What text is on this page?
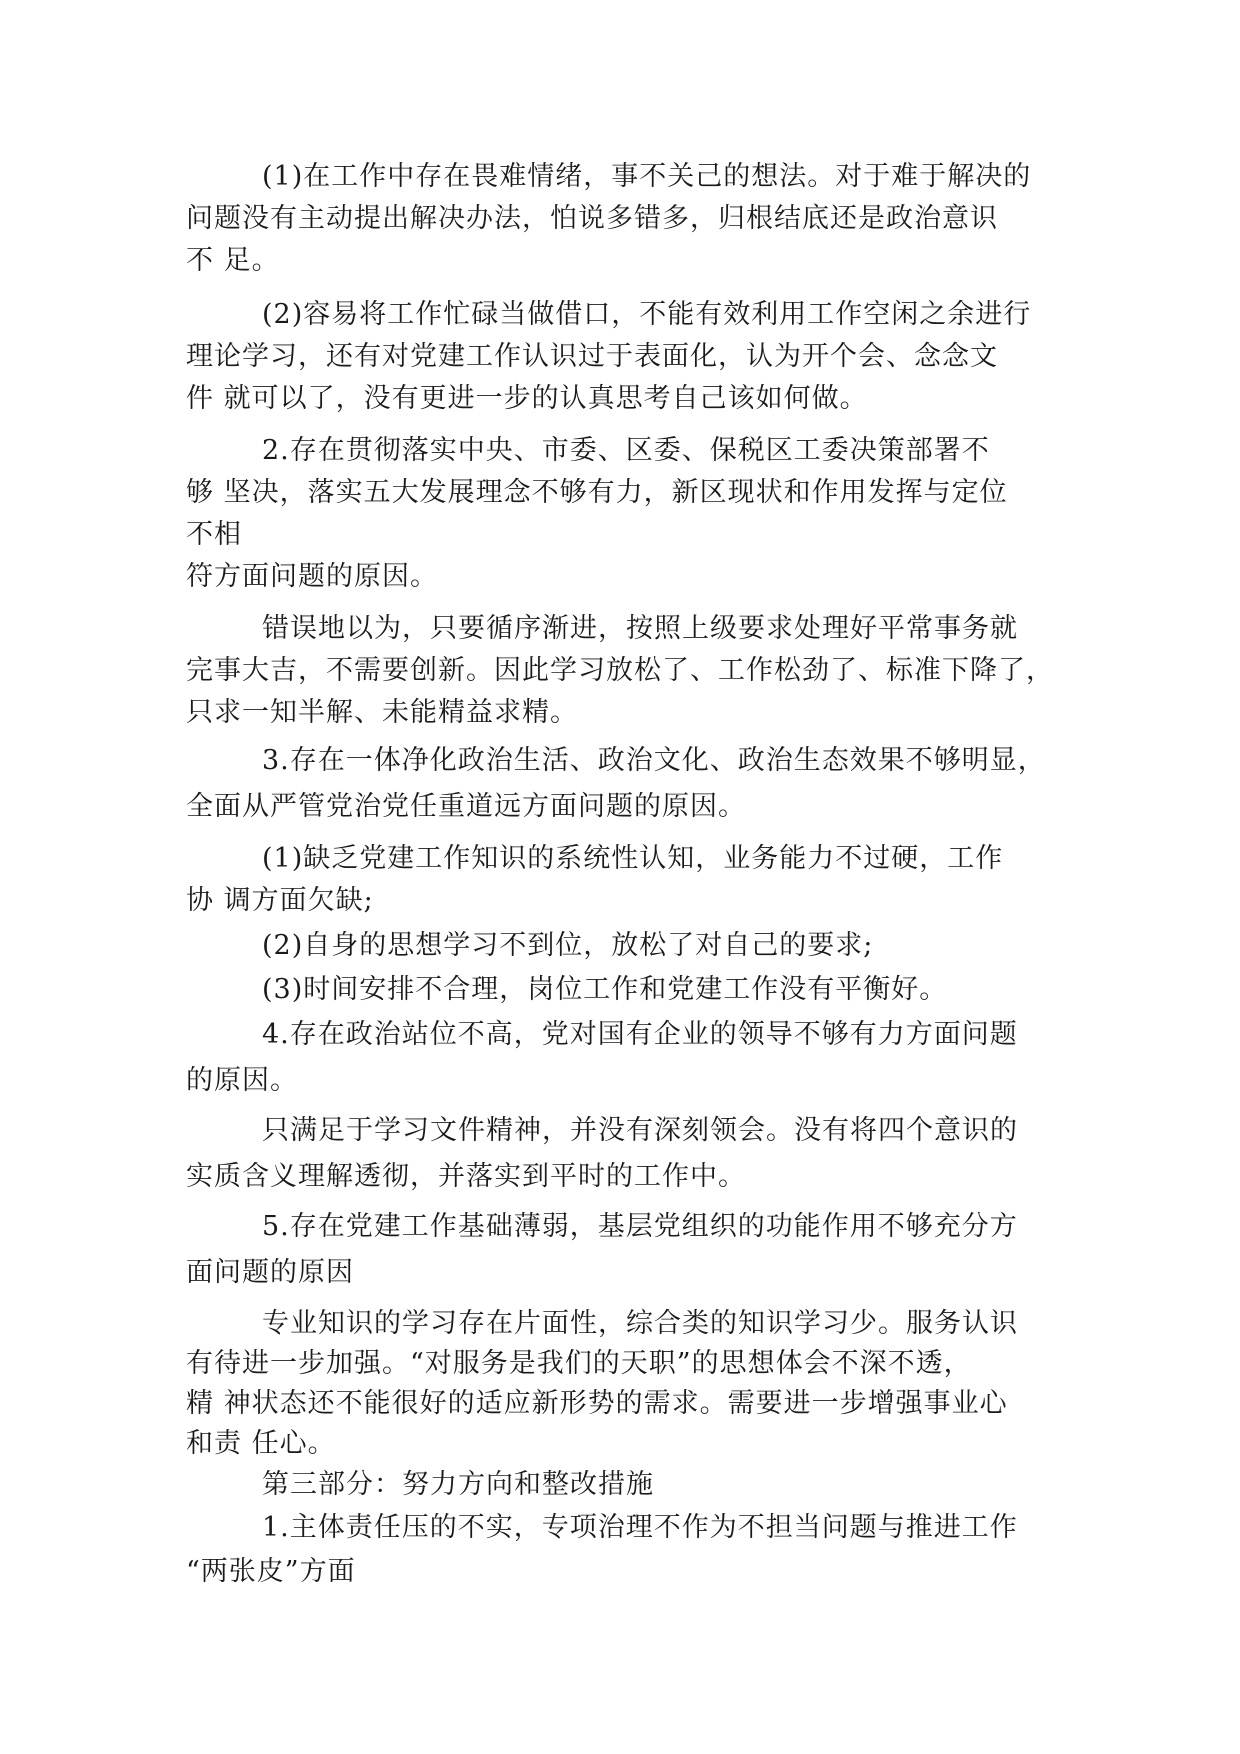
(1)在工作中存在畏难情绪，事不关己的想法。对于难于解决的
问题没有主动提出解决办法，怕说多错多，归根结底还是政治意识
不 足。

(2)容易将工作忙碌当做借口，不能有效利用工作空闲之余进行
理论学习，还有对党建工作认识过于表面化，认为开个会、念念文
件 就可以了，没有更进一步的认真思考自己该如何做。

2.存在贯彻落实中央、市委、区委、保税区工委决策部署不
够 坚决，落实五大发展理念不够有力，新区现状和作用发挥与定位
不相
符方面问题的原因。

错误地以为，只要循序渐进，按照上级要求处理好平常事务就
完事大吉，不需要创新。因此学习放松了、工作松劲了、标准下降了，
只求一知半解、未能精益求精。

3.存在一体净化政治生活、政治文化、政治生态效果不够明显，
全面从严管党治党任重道远方面问题的原因。

(1)缺乏党建工作知识的系统性认知，业务能力不过硬，工作
协 调方面欠缺;

(2)自身的思想学习不到位，放松了对自己的要求;

(3)时间安排不合理，岗位工作和党建工作没有平衡好。

4.存在政治站位不高，党对国有企业的领导不够有力方面问题
的原因。

只满足于学习文件精神，并没有深刻领会。没有将四个意识的
实质含义理解透彻，并落实到平时的工作中。

5.存在党建工作基础薄弱，基层党组织的功能作用不够充分方
面问题的原因

专业知识的学习存在片面性，综合类的知识学习少。服务认识
有待进一步加强。“对服务是我们的天职”的思想体会不深不透，
精 神状态还不能很好的适应新形势的需求。需要进一步增强事业心
和责 任心。

第三部分：努力方向和整改措施

1.主体责任压的不实，专项治理不作为不担当问题与推进工作
“两张皮”方面
